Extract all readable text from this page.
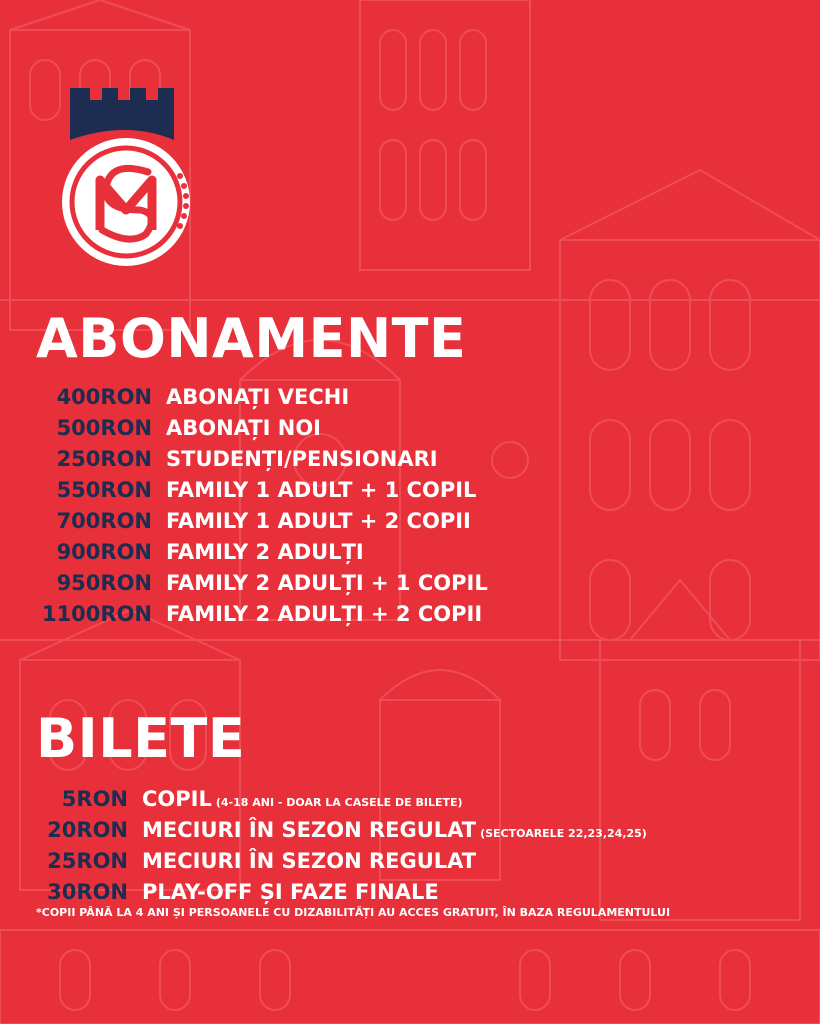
ABONAMENTE
400RON ABONAȚI VECHI
500RON ABONAȚI NOI
250RON STUDENȚI/PENSIONARI
550RON FAMILY 1 ADULT + 1 COPIL
700RON FAMILY 1 ADULT + 2 COPII
900RON FAMILY 2 ADULȚI
950RON FAMILY 2 ADULȚI + 1 COPIL
1100RON FAMILY 2 ADULȚI + 2 COPII
BILETE
5RON COPIL (4-18 ANI - DOAR LA CASELE DE BILETE)
20RON MECIURI ÎN SEZON REGULAT (SECTOARELE 22,23,24,25)
25RON MECIURI ÎN SEZON REGULAT
30RON PLAY-OFF ȘI FAZE FINALE

*COPII PÂNĂ LA 4 ANI ȘI PERSOANELE CU DIZABILITĂȚI AU ACCES GRATUIT, ÎN BAZA REGULAMENTULUI
